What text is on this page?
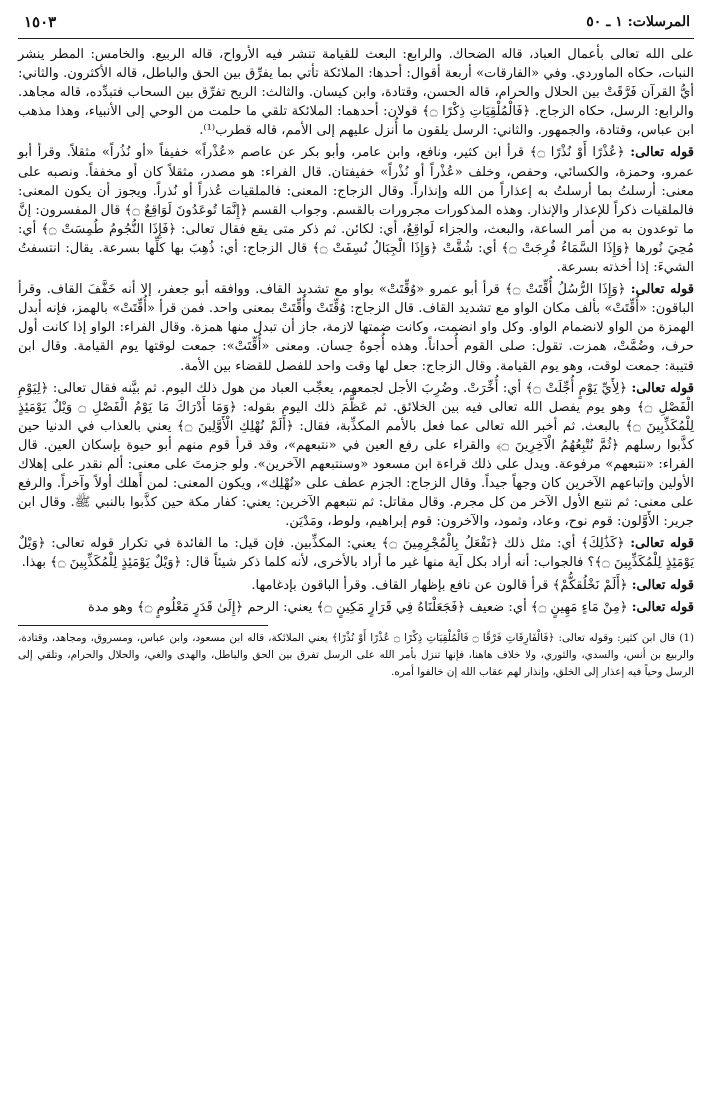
المرسلات: ١ ـ ٥٠
١٥٠٣

على الله تعالى بأعمال العباد، قاله الضحاك. والرابع: البعث للقيامة تنشر فيه الأرواح، قاله الربيع. والخامس: المطر ينشر النبات، حكاه الماوردي. وفي «الفارقات» أربعة أقوال: أحدها: الملائكة تأتي بما يفرِّق بين الحق والباطل، قاله الأكثرون. والثاني: أيُّ القرآن فَرَّقَتْ بين الحلال والحرام، قاله الحسن، وقتادة، وابن كيسان. والثالث: الريح تفرِّق بين السحاب فتبدِّده، قاله مجاهد. والرابع: الرسل، حكاه الزجاج. ﴿فَالْمُلْقِيَاتِ ذِكْرًا ۝﴾ قولان: أحدهما: الملائكة تلقي ما حلمت من الوحي إلى الأنبياء، وهذا مذهب ابن عباس، وقتادة، والجمهور. والثاني: الرسل يلقون ما أُنزل عليهم إلى الأمم، قاله قطرب⁽¹⁾.

قوله تعالى: ﴿عُذْرًا أَوْ نُذْرًا ۝﴾ قرأ ابن كثير، ونافع، وابن عامر، وأبو بكر عن عاصم «عُذْراً» خفيفاً «أو نُذُراً» مثقلاً. وقرأ أبو عمرو، وحمزة، والكسائي، وحفص، وخلف «عُذْراً أو نُذْراً» خفيفتان. قال الفراء: هو مصدر، مثقلاً كان أو مخففاً. ونصبه على معنى: أرسلتُ بما أرسلتُ به إعذاراً من الله وإنذاراً. وقال الزجاج: المعنى: فالملقيات عُذراً أو نُذراً. ويجوز أن يكون المعنى: فالملقيات ذكراً للإعذار والإنذار. وهذه المذكورات مجرورات بالقسم. وجواب القسم ﴿إِنَّمَا تُوعَدُونَ لَوَاقِعٌ ۝﴾ قال المفسرون: إنَّ ما توعدون به من أمر الساعة، والبعث، والجزاء لَواقِعٌ، أي: لكائن. ثم ذكر متى يقع فقال تعالى: ﴿فَإِذَا النُّجُومُ طُمِسَتْ ۝﴾ أي: مُحِيَ نُورها ﴿وَإِذَا السَّمَاءُ فُرِجَتْ ۝﴾ أي: شُقَّتْ ﴿وَإِذَا الْجِبَالُ نُسِفَتْ ۝﴾ قال الزجاج: أي: ذُهِبَ بها كلِّها بسرعة. يقال: انتسفتُ الشيءَ: إذا أخذته بسرعة.

قوله تعالى: ﴿وَإِذَا الرُّسُلُ أُقِّتَتْ ۝﴾ قرأ أبو عمرو «وُقِّتَتْ» بواو مع تشديد القاف. ووافقه أبو جعفر، إلا أنه خَفَّفَ القاف. وقرأ الباقون: «أُقِّتَتْ» بألف مكان الواو مع تشديد القاف. قال الزجاج: وُقِّتَتْ وأُقِّتَتْ بمعنى واحد. فمن قرأ «أُقِّتَتْ» بالهمز، فإنه أبدل الهمزة من الواو لانضمام الواو. وكل واو انضمت، وكانت ضمتها لازمة، جاز أن تبدل منها همزة. وقال الفراء: الواو إذا كانت أول حرف، وضُمَّتْ، همزت. تقول: صلى القوم أُحداناً. وهذه أُجوهٌ حِسان. ومعنى «أُقِّتَتْ»: جمعت لوقتها يوم القيامة. وقال ابن قتيبة: جمعت لوقت، وهو يوم القيامة. وقال الزجاج: جعل لها وقت واحد للفصل للقضاء بين الأمة.

قوله تعالى: ﴿لِأَيِّ يَوْمٍ أُجِّلَتْ ۝﴾ أي: أُخِّرَتْ. وضُرِبَ الأجل لجمعهم، يعجِّب العباد من هول ذلك اليوم. ثم بيَّنه فقال تعالى: ﴿لِيَوْمِ الْفَصْلِ ۝﴾ وهو يوم يفصل الله تعالى فيه بين الخلائق. ثم عَظَّمَ ذلك اليوم بقوله: ﴿وَمَا أَدْرَاكَ مَا يَوْمُ الْفَصْلِ ۝ وَيْلٌ يَوْمَئِذٍ لِلْمُكَذِّبِينَ ۝﴾ بالبعث. ثم أخبر الله تعالى عما فعل بالأمم المكذِّبة، فقال: ﴿أَلَمْ نُهْلِكِ الْأَوَّلِينَ ۝﴾ يعني بالعذاب في الدنيا حين كذَّبوا رسلهم ﴿ثُمَّ نُتْبِعُهُمُ الْآخِرِينَ ۝﴾ والقراء على رفع العين في «نتبعهم»، وقد قرأ قوم منهم أبو حيوة بإسكان العين. قال الفراء: «نتبعهم» مرفوعة. ويدل على ذلك قراءة ابن مسعود «وسنتبعهم الآخرين». ولو جزمتَ على معنى: ألم نقدر على إهلاك الأولين وإتباعهم الآخرين كان وجهاً جيداً. وقال الزجاج: الجزم عطف على «نُهْلِك»، ويكون المعنى: لمن أَهلك أولاً وآخراً. والرفع على معنى: ثم نتبع الأول الآخر من كل مجرم. وقال مقاتل: ثم نتبعهم الآخرين: يعني: كفار مكة حين كذَّبوا بالنبي ﷺ. وقال ابن جرير: الأَوَّلون: قوم نوح، وعاد، وثمود، والآخرون: قوم إبراهيم، ولوط، ومَدْيَن.

قوله تعالى: ﴿كَذَٰلِكَ﴾ أي: مثل ذلك ﴿نَفْعَلُ بِالْمُجْرِمِينَ ۝﴾ يعني: المكذِّبين. فإن قيل: ما الفائدة في تكرار قوله تعالى: ﴿وَيْلٌ يَوْمَئِذٍ لِلْمُكَذِّبِينَ ۝﴾؟ فالجواب: أنه أراد بكل آية منها غير ما أراد بالأخرى، لأنه كلما ذكر شيئاً قال: ﴿وَيْلٌ يَوْمَئِذٍ لِلْمُكَذِّبِينَ ۝﴾ بهذا.

قوله تعالى: ﴿أَلَمْ نَخْلُقكُّمْ﴾ قرأ قالون عن نافع بإظهار القاف. وقرأ الباقون بإدغامها.

قوله تعالى: ﴿مِنْ مَاءٍ مَهِينٍ ۝﴾ أي: ضعيف ﴿فَجَعَلْنَاهُ فِي قَرَارٍ مَكِينٍ ۝﴾ يعني: الرحم ﴿إِلَىٰ قَدَرٍ مَعْلُومٍ ۝﴾ وهو مدة

(1) قال ابن كثير: وقوله تعالى: ﴿فَالْفَارِقَاتِ فَرْقًا ۝ فَالْمُلْقِيَاتِ ذِكْرًا ۝ عُذْرًا أَوْ نُذْرًا﴾ يعني الملائكة، قاله ابن مسعود، وابن عباس، ومسروق، ومجاهد، وقتادة، والربيع بن أنس، والسدي، والثوري، ولا خلاف هاهنا، فإنها تنزل بأمر الله على الرسل تفرق بين الحق والباطل، والهدى والغي، والحلال والحرام، وتلقي إلى الرسل وحياً فيه إعذار إلى الخلق، وإنذار لهم عقاب الله إن خالفوا أمره.
